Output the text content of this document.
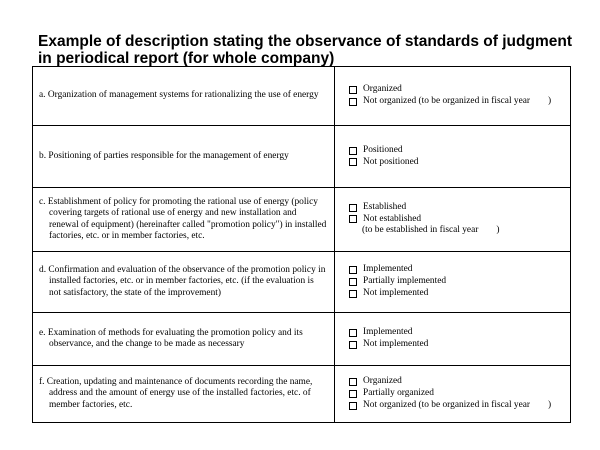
Example of description stating the observance of standards of judgment in periodical report (for whole company)
a. Organization of management systems for rationalizing the use of energy
Organized
Not organized (to be organized in fiscal year )
b. Positioning of parties responsible for the management of energy
Positioned
Not positioned
c. Establishment of policy for promoting the rational use of energy (policy covering targets of rational use of energy and new installation and renewal of equipment) (hereinafter called "promotion policy") in installed factories, etc. or in member factories, etc.
Established
Not established
(to be established in fiscal year )
d. Confirmation and evaluation of the observance of the promotion policy in installed factories, etc. or in member factories, etc. (if the evaluation is not satisfactory, the state of the improvement)
Implemented
Partially implemented
Not implemented
e. Examination of methods for evaluating the promotion policy and its observance, and the change to be made as necessary
Implemented
Not implemented
f. Creation, updating and maintenance of documents recording the name, address and the amount of energy use of the installed factories, etc. of member factories, etc.
Organized
Partially organized
Not organized (to be organized in fiscal year )
